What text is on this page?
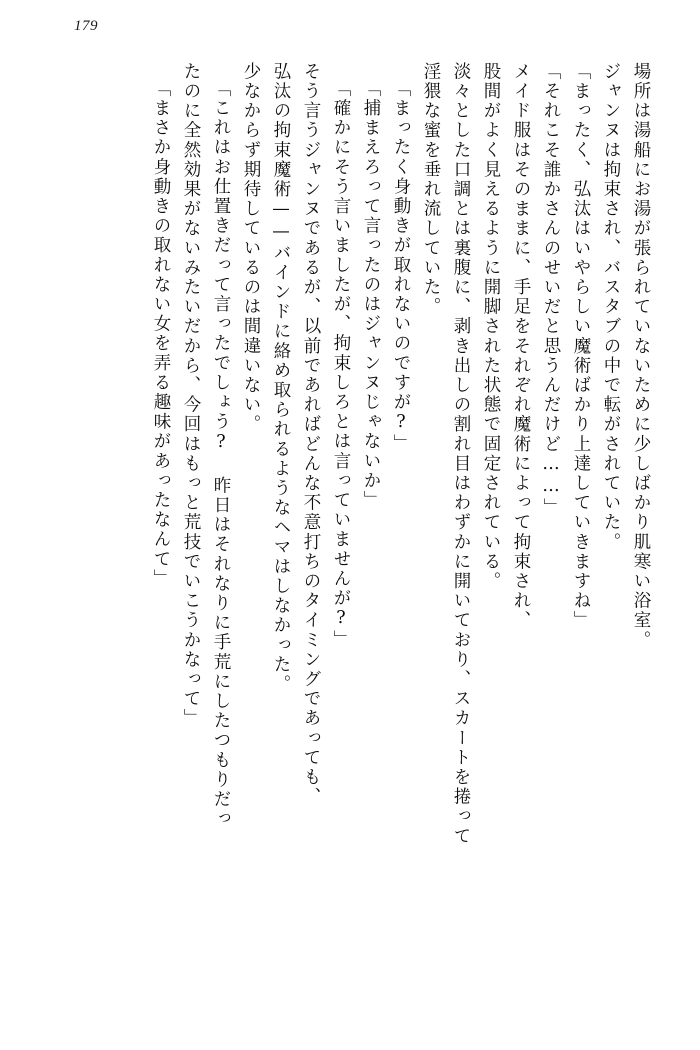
179
場所は湯船にお湯が張られていないために少しばかり肌寒い浴室。
ジャンヌは拘束され、バスタブの中で転がされていた。
「まったく、弘汰はいやらしい魔術ばかり上達していきますね」
「それこそ誰かさんのせいだと思うんだけど……」
メイド服はそのままに、手足をそれぞれ魔術によって拘束され、
股間がよく見えるように開脚された状態で固定されている。
淡々とした口調とは裏腹に、剥き出しの割れ目はわずかに開いており、スカートを捲って
淫猥な蜜を垂れ流していた。
「まったく身動きが取れないのですが?」
「捕まえろって言ったのはジャンヌじゃないか」
「確かにそう言いましたが、拘束しろとは言っていませんが?」
そう言うジャンヌであるが、以前であればどんな不意打ちのタイミングであっても、
弘汰の拘束魔術——バインドに絡め取られるようなヘマはしなかった。
少なからず期待しているのは間違いない。
「これはお仕置きだって言ったでしょう? 昨日はそれなりに手荒にしたつもりだっ
たのに全然効果がないみたいだから、今回はもっと荒技でいこうかなって」
「まさか身動きの取れない女を弄る趣味があったなんて」
